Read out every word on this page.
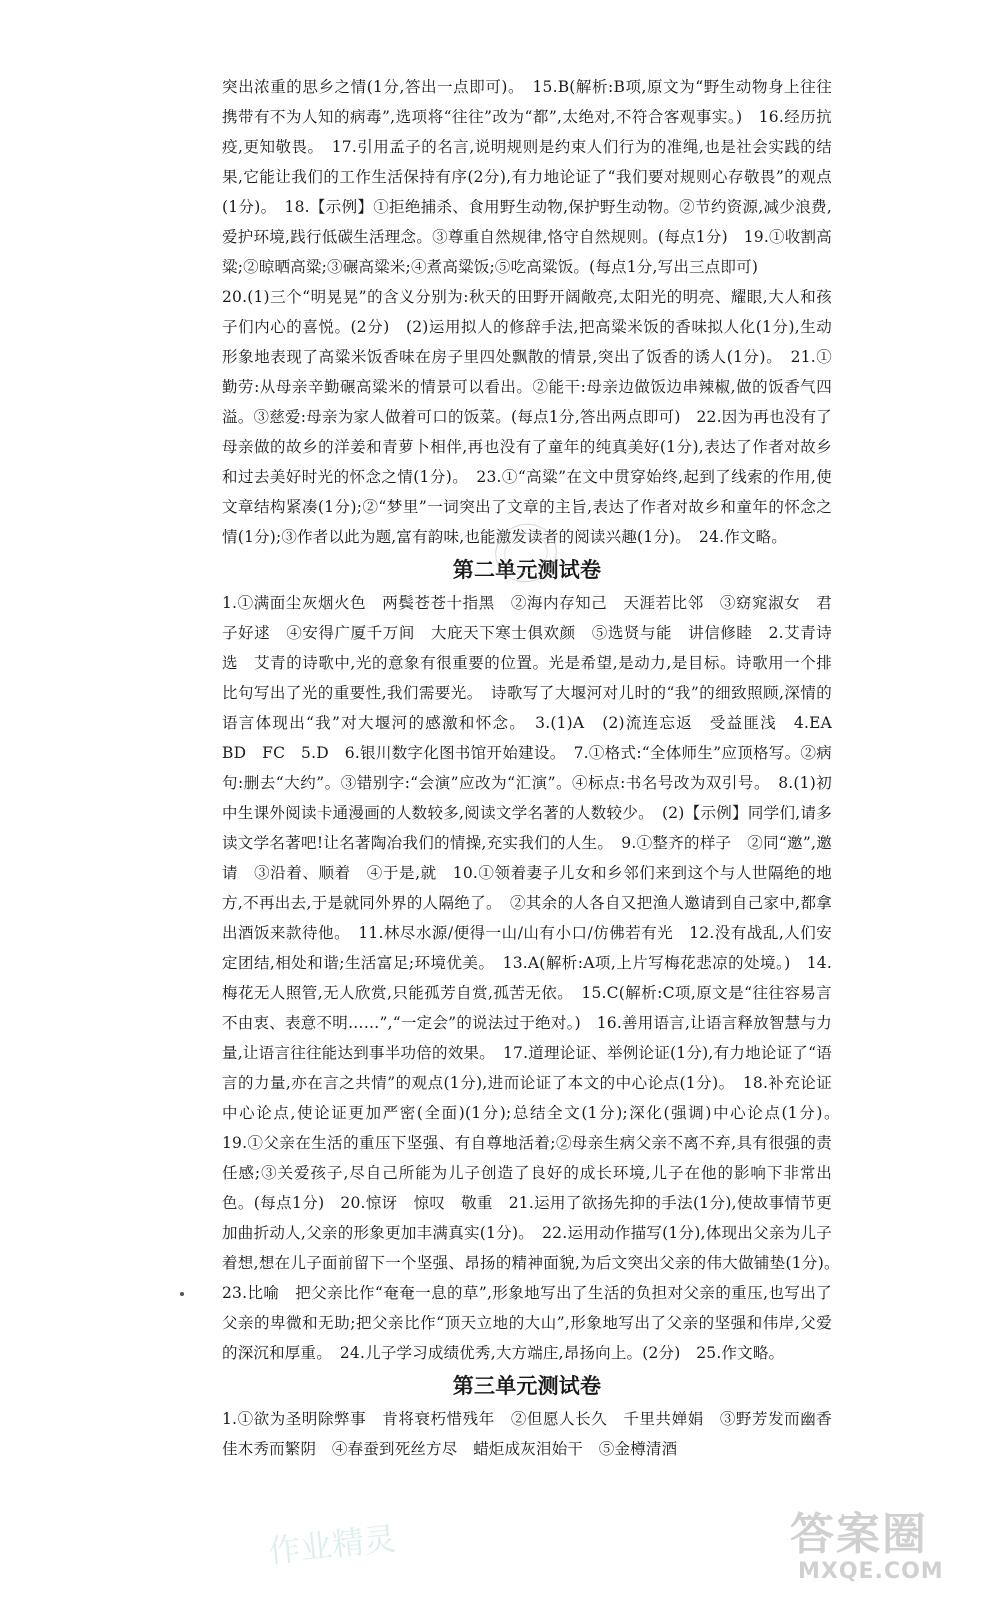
突出浓重的思乡之情(1分,答出一点即可)。　15.B(解析:B项,原文为“野生动物身上往往携带有不为人知的病毒”,选项将“往往”改为“都”,太绝对,不符合客观事实。)　16.经历抗疫,更知敬畏。　17.引用孟子的名言,说明规则是约束人们行为的准绳,也是社会实践的结果,它能让我们的工作生活保持有序(2分),有力地论证了“我们要对规则心存敬畏”的观点(1分)。　18.【示例】①拒绝捕杀、食用野生动物,保护野生动物。②节约资源,减少浪费,爱护环境,践行低碳生活理念。③尊重自然规律,恪守自然规则。(每点1分)　19.①收割高粱;②晾晒高粱;③碾高粱米;④煮高粱饭;⑤吃高粱饭。(每点1分,写出三点即可)

20.(1)三个“明晃晃”的含义分别为:秋天的田野开阔敞亮,太阳光的明亮、耀眼,大人和孩子们内心的喜悦。(2分)　(2)运用拟人的修辞手法,把高粱米饭的香味拟人化(1分),生动形象地表现了高粱米饭香味在房子里四处飘散的情景,突出了饭香的诱人(1分)。　21.①勤劳:从母亲辛勤碾高粱米的情景可以看出。②能干:母亲边做饭边串辣椒,做的饭香气四溢。③慈爱:母亲为家人做着可口的饭菜。(每点1分,答出两点即可)　22.因为再也没有了母亲做的故乡的洋姜和青萝卜相伴,再也没有了童年的纯真美好(1分),表达了作者对故乡和过去美好时光的怀念之情(1分)。　23.①“高粱”在文中贯穿始终,起到了线索的作用,使文章结构紧凑(1分);②“梦里”一词突出了文章的主旨,表达了作者对故乡和童年的怀念之情(1分);③作者以此为题,富有韵味,也能激发读者的阅读兴趣(1分)。　24.作文略。

第二单元测试卷

1.①满面尘灰烟火色　两鬓苍苍十指黑　②海内存知己　天涯若比邻　③窈窕淑女　君子好逑　④安得广厦千万间　大庇天下寒士俱欢颜　⑤选贤与能　讲信修睦　2.艾青诗选　艾青的诗歌中,光的意象有很重要的位置。光是希望,是动力,是目标。诗歌用一个排比句写出了光的重要性,我们需要光。　诗歌写了大堰河对儿时的“我”的细致照顾,深情的语言体现出“我”对大堰河的感激和怀念。　3.(1)A　(2)流连忘返　受益匪浅　4.EA　BD　FC　5.D　6.银川数字化图书馆开始建设。　7.①格式:“全体师生”应顶格写。②病句:删去“大约”。③错别字:“会演”应改为“汇演”。④标点:书名号改为双引号。　8.(1)初中生课外阅读卡通漫画的人数较多,阅读文学名著的人数较少。　(2)【示例】同学们,请多读文学名著吧!让名著陶冶我们的情操,充实我们的人生。　9.①整齐的样子　②同“邀”,邀请　③沿着、顺着　④于是,就　10.①领着妻子儿女和乡邻们来到这个与人世隔绝的地方,不再出去,于是就同外界的人隔绝了。　②其余的人各自又把渔人邀请到自己家中,都拿出酒饭来款待他。　11.林尽水源/便得一山/山有小口/仿佛若有光　12.没有战乱,人们安定团结,相处和谐;生活富足;环境优美。　13.A(解析:A项,上片写梅花悲凉的处境。)　14.梅花无人照管,无人欣赏,只能孤芳自赏,孤苦无依。　15.C(解析:C项,原文是“往往容易言不由衷、表意不明……”,“一定会”的说法过于绝对。)　16.善用语言,让语言释放智慧与力量,让语言往往能达到事半功倍的效果。　17.道理论证、举例论证(1分),有力地论证了“语言的力量,亦在言之共情”的观点(1分),进而论证了本文的中心论点(1分)。　18.补充论证中心论点,使论证更加严密(全面)(1分);总结全文(1分);深化(强调)中心论点(1分)。　19.①父亲在生活的重压下坚强、有自尊地活着;②母亲生病父亲不离不弃,具有很强的责任感;③关爱孩子,尽自己所能为儿子创造了良好的成长环境,儿子在他的影响下非常出色。(每点1分)　20.惊讶　惊叹　敬重　21.运用了欲扬先抑的手法(1分),使故事情节更加曲折动人,父亲的形象更加丰满真实(1分)。　22.运用动作描写(1分),体现出父亲为儿子着想,想在儿子面前留下一个坚强、昂扬的精神面貌,为后文突出父亲的伟大做铺垫(1分)。　23.比喻　把父亲比作“奄奄一息的草”,形象地写出了生活的负担对父亲的重压,也写出了父亲的卑微和无助;把父亲比作“顶天立地的大山”,形象地写出了父亲的坚强和伟岸,父爱的深沉和厚重。　24.儿子学习成绩优秀,大方端庄,昂扬向上。(2分)　25.作文略。

第三单元测试卷

1.①欲为圣明除弊事　肯将衰朽惜残年　②但愿人长久　千里共婵娟　③野芳发而幽香　佳木秀而繁阴　④春蚕到死丝方尽　蜡炬成灰泪始干　⑤金樽清酒

作业精灵	答案圈
MXQE.COM
